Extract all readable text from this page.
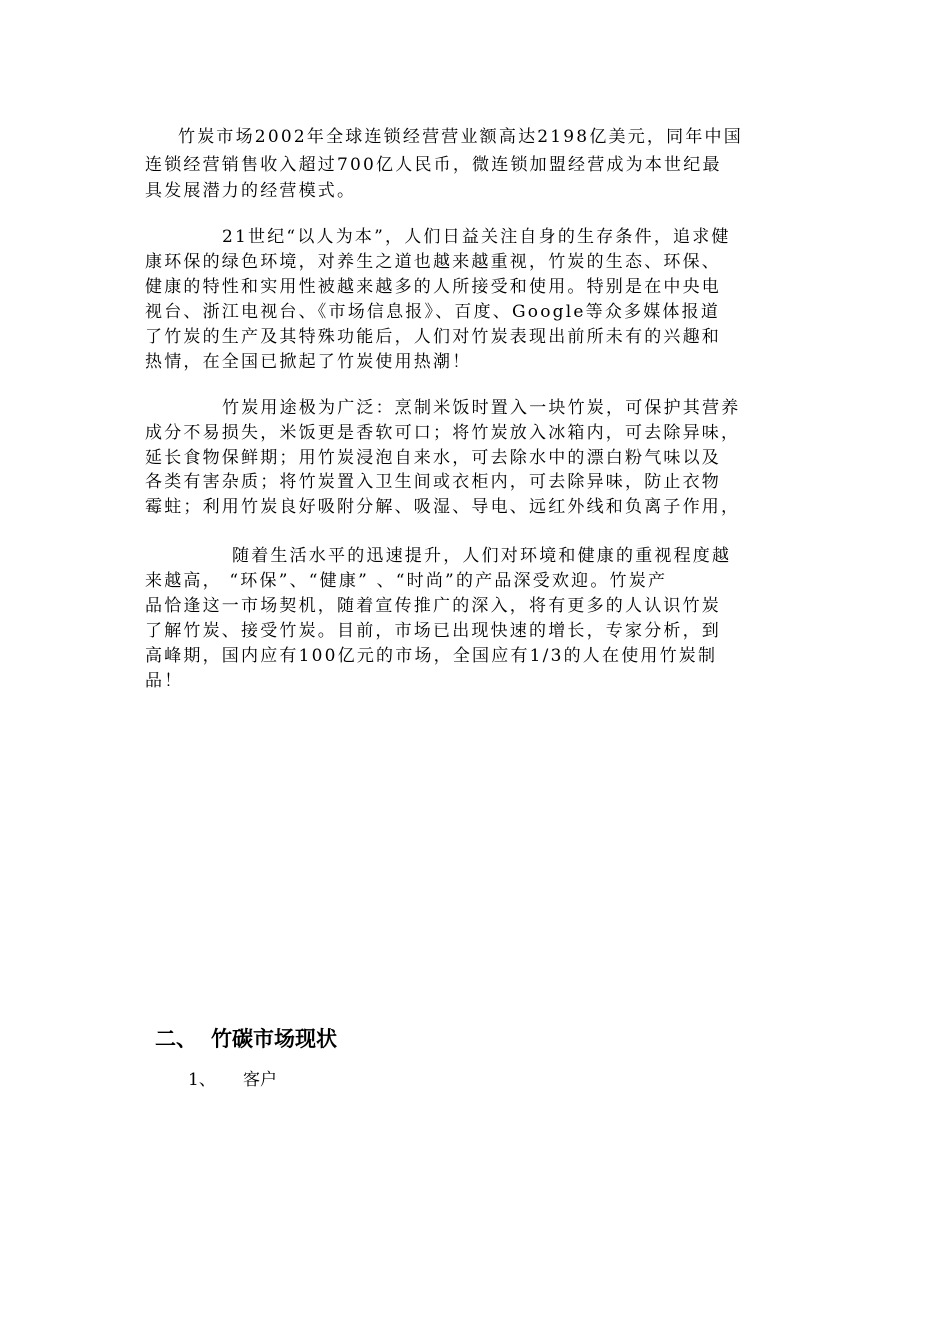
竹炭市场2002年全球连锁经营营业额高达2198亿美元，同年中国
连锁经营销售收入超过700亿人民币，微连锁加盟经营成为本世纪最
具发展潜力的经营模式。
21世纪“以人为本”，人们日益关注自身的生存条件，追求健
康环保的绿色环境，对养生之道也越来越重视，竹炭的生态、环保、
健康的特性和实用性被越来越多的人所接受和使用。特别是在中央电
视台、浙江电视台、《市场信息报》、百度、Google等众多媒体报道
了竹炭的生产及其特殊功能后，人们对竹炭表现出前所未有的兴趣和
热情，在全国已掀起了竹炭使用热潮！
竹炭用途极为广泛：烹制米饭时置入一块竹炭，可保护其营养
成分不易损失，米饭更是香软可口；将竹炭放入冰箱内，可去除异味，
延长食物保鲜期；用竹炭浸泡自来水，可去除水中的漂白粉气味以及
各类有害杂质；将竹炭置入卫生间或衣柜内，可去除异味，防止衣物
霉蛀；利用竹炭良好吸附分解、吸湿、导电、远红外线和负离子作用，
随着生活水平的迅速提升，人们对环境和健康的重视程度越
来越高， “环保”、“健康” 、“时尚”的产品深受欢迎。竹炭产
品恰逢这一市场契机，随着宣传推广的深入，将有更多的人认识竹炭
了解竹炭、接受竹炭。目前，市场已出现快速的增长，专家分析，到
高峰期，国内应有100亿元的市场，全国应有1/3的人在使用竹炭制
品！
二、 竹碳市场现状
1、 客户
